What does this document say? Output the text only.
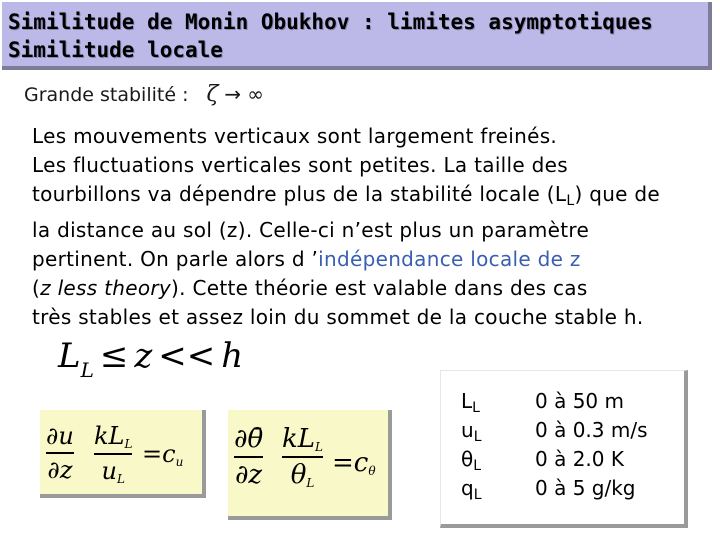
Similitude de Monin Obukhov : limites asymptotiques
Similitude locale
Grande stabilité : ζ → ∞
Les mouvements verticaux sont largement freinés.
Les fluctuations verticales sont petites. La taille des
tourbillons va dépendre plus de la stabilité locale $(L_L)$ que de
la distance au sol (z). Celle-ci n’est plus un paramètre
pertinent. On parle alors d ’indépendance locale de z
(z less theory). Cette théorie est valable dans des cas
très stables et assez loin du sommet de la couche stable h.
$L_L \le z << h$
∂u
∂z
kLL
uL
=cu
∂θ̄
∂z
kLL
θL
=cθ
$L_L$	0 à 50 m
$u_L$	0 à 0.3 m/s
$\theta_L$	0 à 2.0 K
$q_L$	0 à 5 g/kg
